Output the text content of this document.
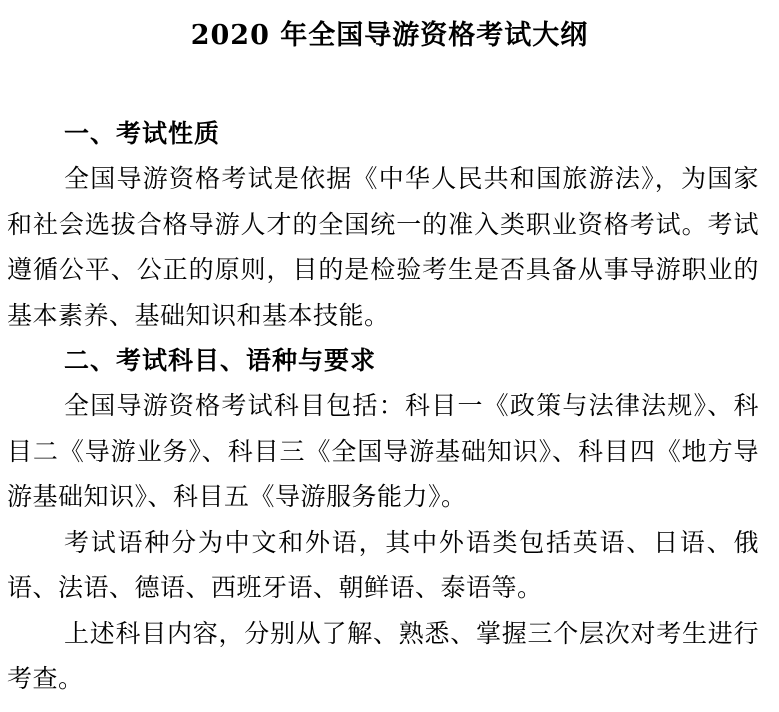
2020 年全国导游资格考试大纲

一、考试性质

全国导游资格考试是依据《中华人民共和国旅游法》，为国家和社会选拔合格导游人才的全国统一的准入类职业资格考试。考试遵循公平、公正的原则，目的是检验考生是否具备从事导游职业的基本素养、基础知识和基本技能。

二、考试科目、语种与要求

全国导游资格考试科目包括：科目一《政策与法律法规》、科目二《导游业务》、科目三《全国导游基础知识》、科目四《地方导游基础知识》、科目五《导游服务能力》。

考试语种分为中文和外语，其中外语类包括英语、日语、俄语、法语、德语、西班牙语、朝鲜语、泰语等。

上述科目内容，分别从了解、熟悉、掌握三个层次对考生进行考查。
